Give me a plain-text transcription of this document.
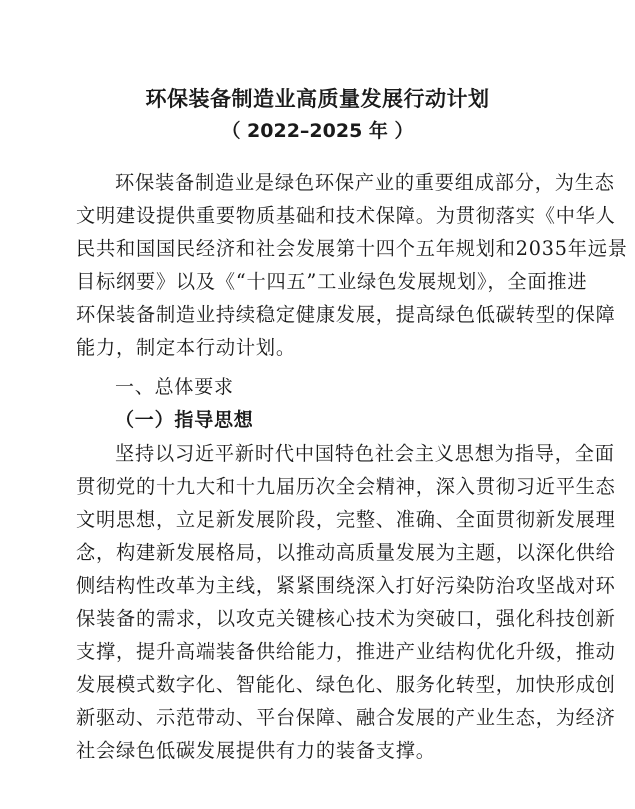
环保装备制造业高质量发展行动计划
（ 2022–2025 年 ）
环保装备制造业是绿色环保产业的重要组成部分，为生态
文明建设提供重要物质基础和技术保障。为贯彻落实《中华人
民共和国国民经济和社会发展第十四个五年规划和2035年远景
目标纲要》以及《“十四五”工业绿色发展规划》，全面推进
环保装备制造业持续稳定健康发展，提高绿色低碳转型的保障
能力，制定本行动计划。
一、总体要求
（一）指导思想
坚持以习近平新时代中国特色社会主义思想为指导，全面
贯彻党的十九大和十九届历次全会精神，深入贯彻习近平生态
文明思想，立足新发展阶段，完整、准确、全面贯彻新发展理
念，构建新发展格局，以推动高质量发展为主题，以深化供给
侧结构性改革为主线，紧紧围绕深入打好污染防治攻坚战对环
保装备的需求，以攻克关键核心技术为突破口，强化科技创新
支撑，提升高端装备供给能力，推进产业结构优化升级，推动
发展模式数字化、智能化、绿色化、服务化转型，加快形成创
新驱动、示范带动、平台保障、融合发展的产业生态，为经济
社会绿色低碳发展提供有力的装备支撑。
